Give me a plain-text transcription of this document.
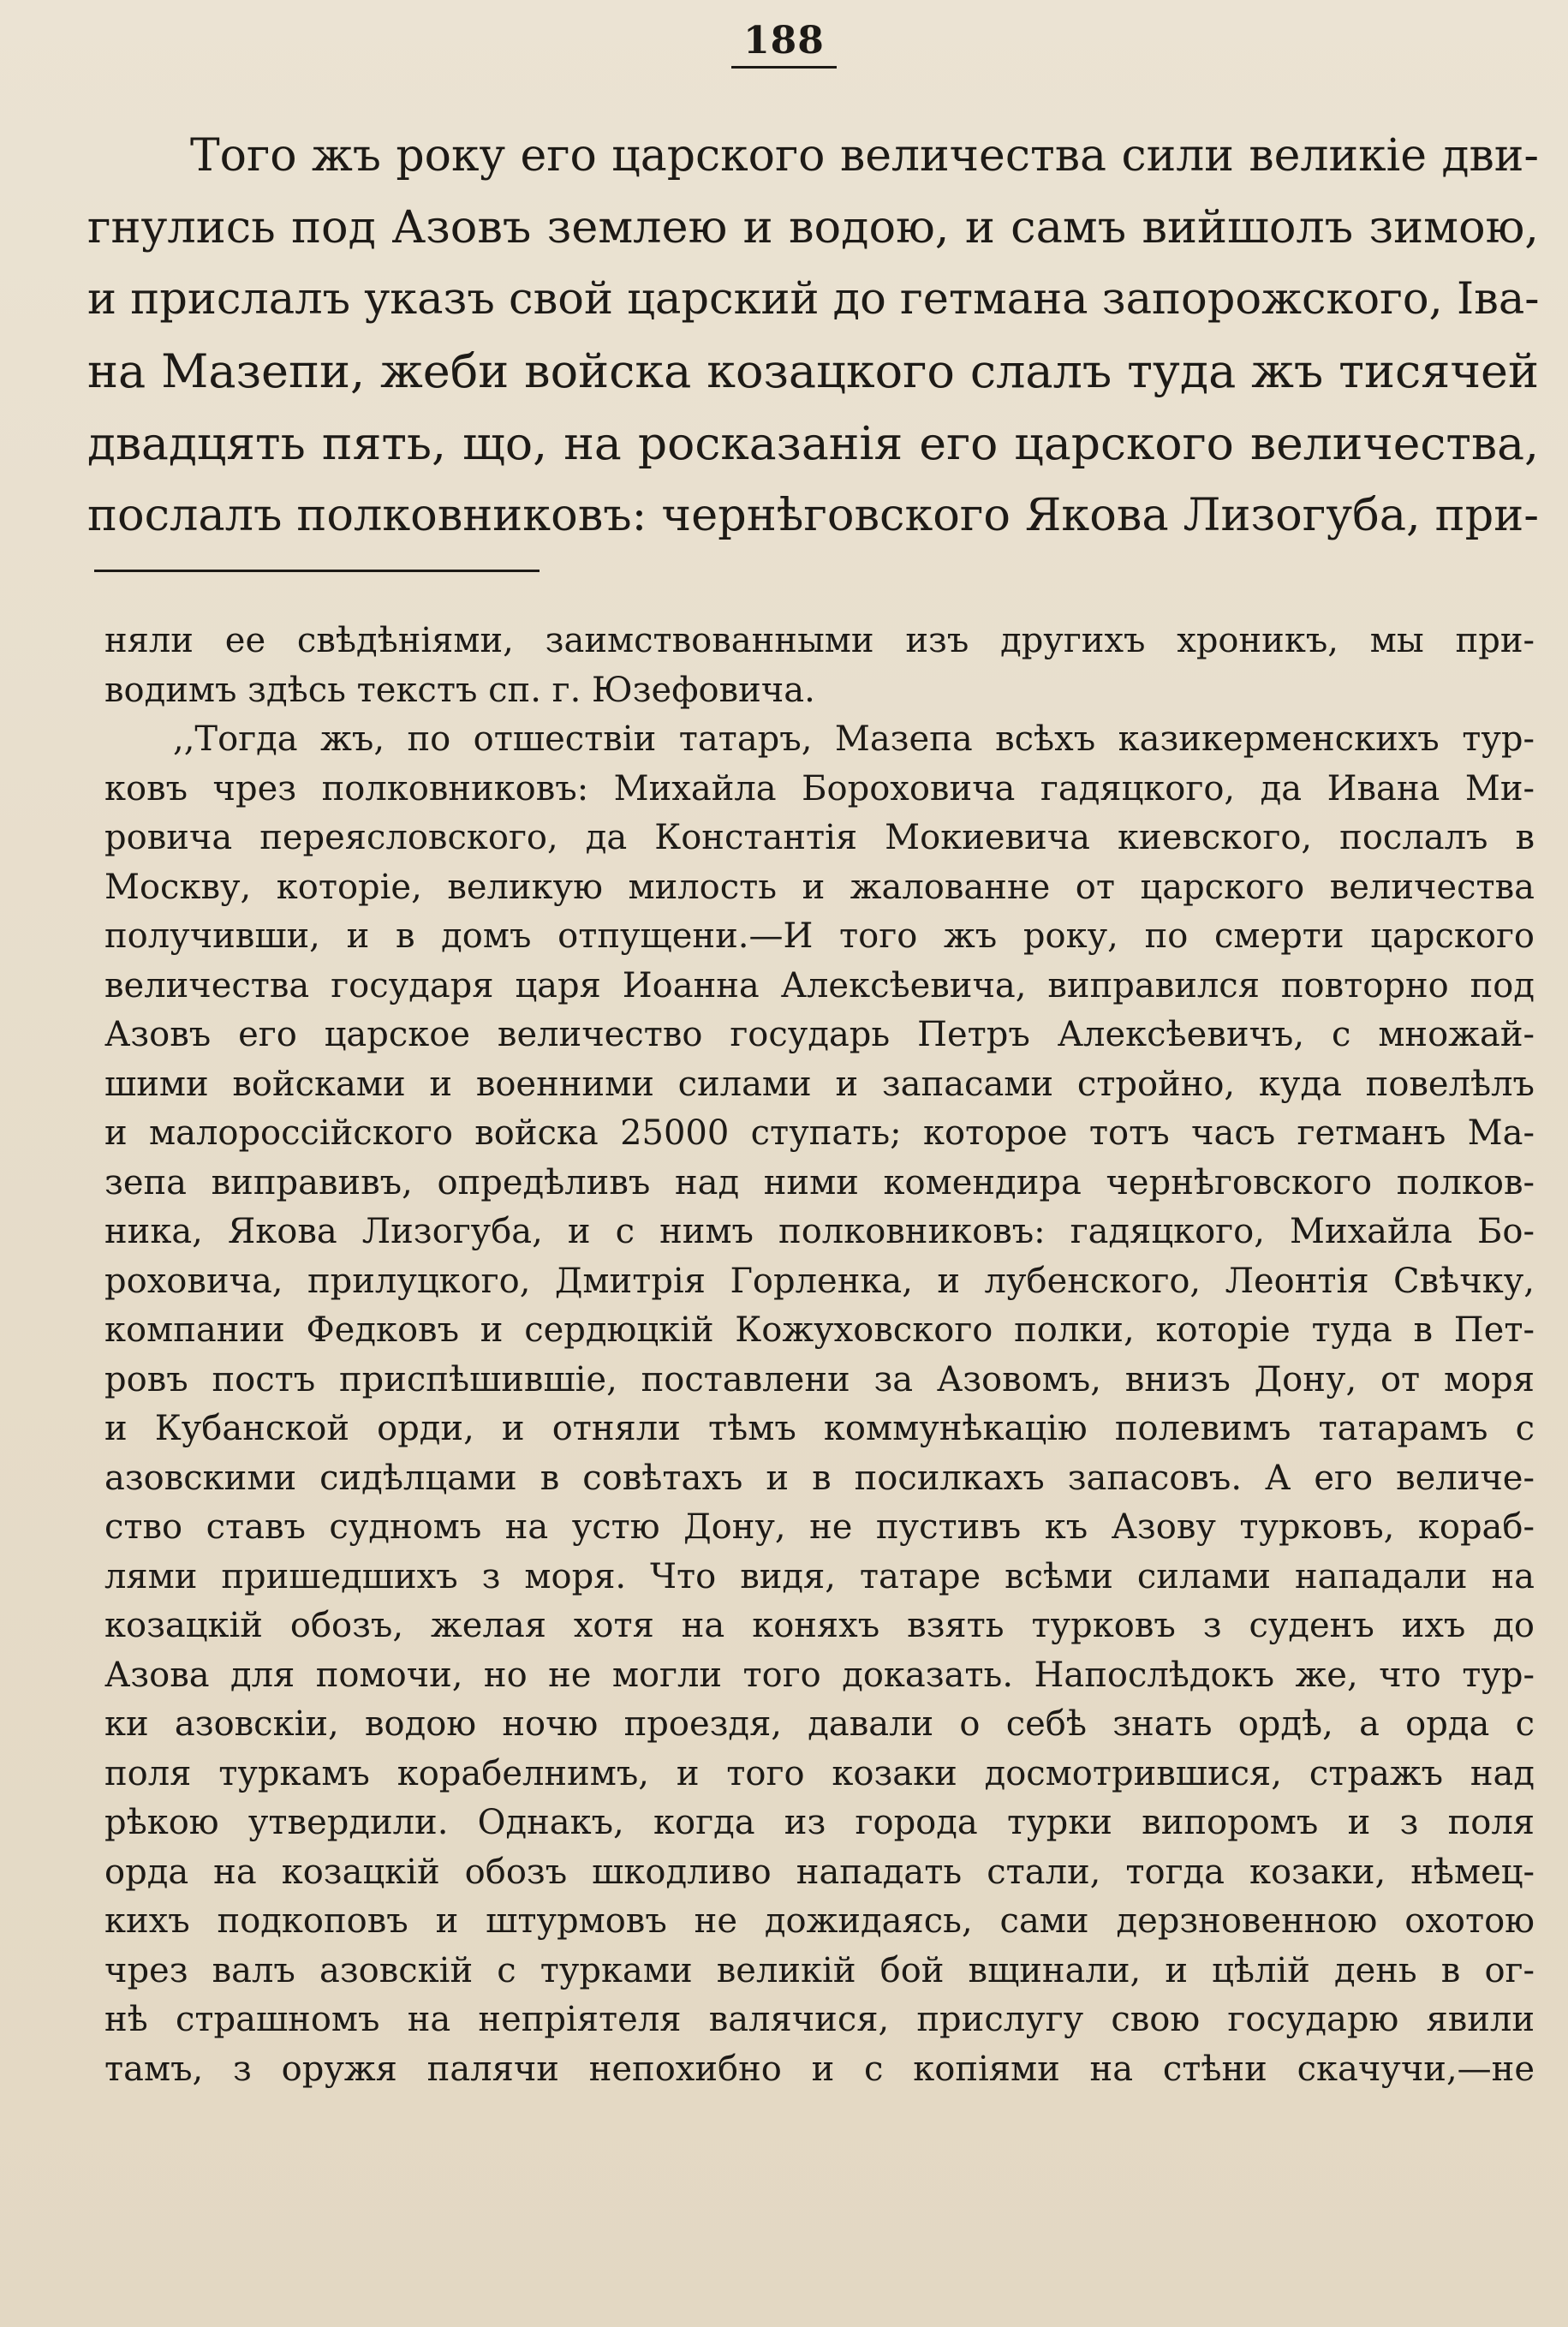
188
Того жъ року его царского величества сили великіе дви-
гнулись под Азовъ землею и водою, и самъ вийшолъ зимою,
и прислалъ указъ свой царский до гетмана запорожского, Іва-
на Мазепи, жеби войска козацкого слалъ туда жъ тисячей
двадцять пять, що, на росказанія его царского величества,
послалъ полковниковъ: чернѣговского Якова Лизогуба, при-
няли ее свѣдѣніями, заимствованными изъ другихъ хроникъ, мы при-
водимъ здѣсь текстъ сп. г. Юзефовича.
,,Тогда жъ, по отшествіи татаръ, Мазепа всѣхъ казикерменскихъ тур-
ковъ чрез полковниковъ: Михайла Бороховича гадяцкого, да Ивана Ми-
ровича переясловского, да Константія Мокиевича киевского, послалъ в
Москву, которіе, великую милость и жалованне от царского величества
получивши, и в домъ отпущени.—И того жъ року, по смерти царского
величества государя царя Иоанна Алексѣевича, виправился повторно под
Азовъ его царское величество государь Петръ Алексѣевичъ, с множай-
шими войсками и военними силами и запасами стройно, куда повелѣлъ
и малороссійского войска 25000 ступать; которое тотъ часъ гетманъ Ма-
зепа виправивъ, опредѣливъ над ними комендира чернѣговского полков-
ника, Якова Лизогуба, и с нимъ полковниковъ: гадяцкого, Михайла Бо-
роховича, прилуцкого, Дмитрія Горленка, и лубенского, Леонтія Свѣчку,
компании Федковъ и сердюцкій Кожуховского полки, которіе туда в Пет-
ровъ постъ приспѣшившіе, поставлени за Азовомъ, внизъ Дону, от моря
и Кубанской орди, и отняли тѣмъ коммунѣкацію полевимъ татарамъ с
азовскими сидѣлцами в совѣтахъ и в посилкахъ запасовъ. А его величе-
ство ставъ судномъ на устю Дону, не пустивъ къ Азову турковъ, кораб-
лями пришедшихъ з моря. Что видя, татаре всѣми силами нападали на
козацкій обозъ, желая хотя на коняхъ взять турковъ з суденъ ихъ до
Азова для помочи, но не могли того доказать. Напослѣдокъ же, что тур-
ки азовскіи, водою ночю проездя, давали о себѣ знать ордѣ, а орда с
поля туркамъ корабелнимъ, и того козаки досмотрившися, стражъ над
рѣкою утвердили. Однакъ, когда из города турки випоромъ и з поля
орда на козацкій обозъ шкодливо нападать стали, тогда козаки, нѣмец-
кихъ подкоповъ и штурмовъ не дожидаясь, сами дерзновенною охотою
чрез валъ азовскій с турками великій бой вщинали, и цѣлій день в ог-
нѣ страшномъ на непріятеля валячися, прислугу свою государю явили
тамъ, з оружя палячи непохибно и с копіями на стѣни скачучи,—не
